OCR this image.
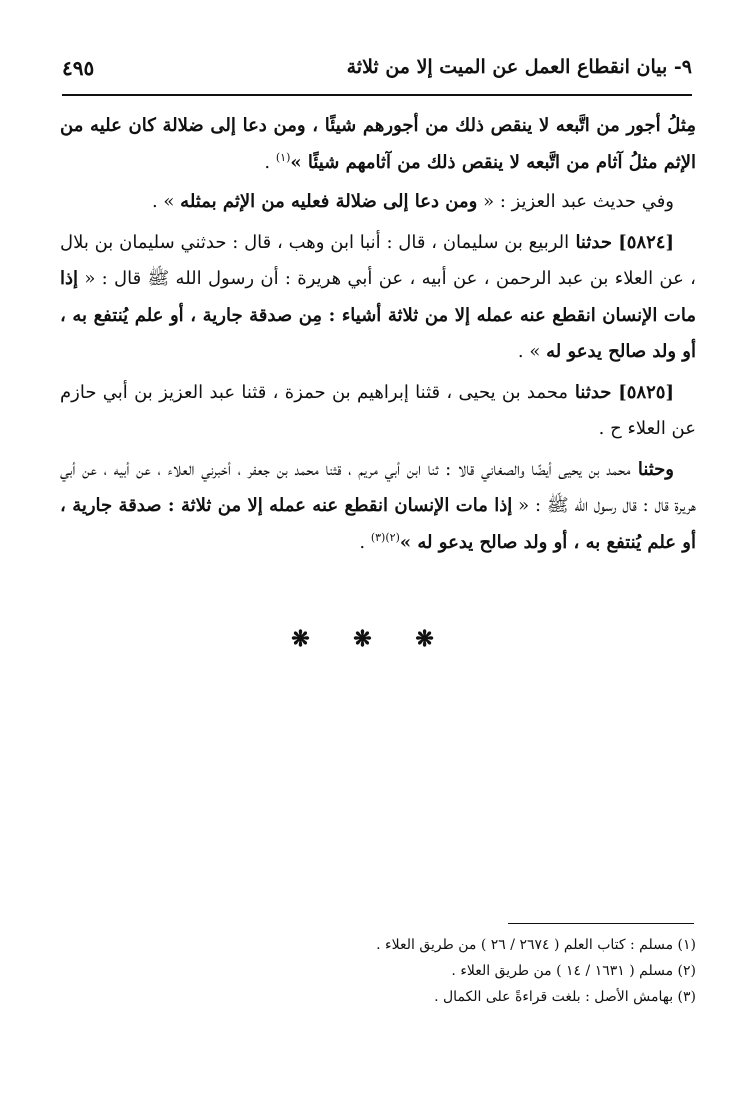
٩- بيان انقطاع العمل عن الميت إلا من ثلاثة
٤٩٥

مِثلُ أجور من اتَّبعه لا ينقص ذلك من أجورهم شيئًا ، ومن دعا إلى ضلالة كان عليه من الإثم مثلُ آثام من اتَّبعه لا ينقص ذلك من آثامهم شيئًا »$^{(١)}$ .

وفي حديث عبد العزيز : « ومن دعا إلى ضلالة فعليه من الإثم بمثله » .

[٥٨٢٤] حدثنا الربيع بن سليمان ، قال : أنبا ابن وهب ، قال : حدثني سليمان بن بلال ، عن العلاء بن عبد الرحمن ، عن أبيه ، عن أبي هريرة : أن رسول الله ﷺ قال : « إذا مات الإنسان انقطع عنه عمله إلا من ثلاثة أشياء : مِن صدقة جارية ، أو علم يُنتفع به ، أو ولد صالح يدعو له » .

[٥٨٢٥] حدثنا محمد بن يحيى ، قثنا إبراهيم بن حمزة ، قثنا عبد العزيز بن أبي حازم عن العلاء ح .

وحثنا محمد بن يحيى أيضًا والصغاني قالا : ثنا ابن أبي مريم ، قثنا محمد بن جعفر ، أخبرني العلاء ، عن أبيه ، عن أبي هريرة قال : قال رسول الله ﷺ : « إذا مات الإنسان انقطع عنه عمله إلا من ثلاثة : صدقة جارية ، أو علم يُنتفع به ، أو ولد صالح يدعو له »$^{(٢)(٣)}$ .

❋ ❋ ❋

(١) مسلم : كتاب العلم ( ٢٦٧٤ / ٢٦ ) من طريق العلاء .

(٢) مسلم ( ١٦٣١ / ١٤ ) من طريق العلاء .

(٣) بهامش الأصل : بلغت قراءةً على الكمال .
